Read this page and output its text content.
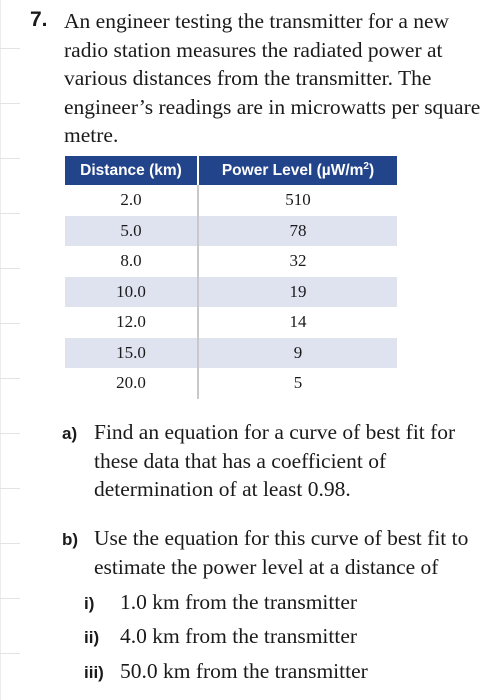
7. An engineer testing the transmitter for a new radio station measures the radiated power at various distances from the transmitter. The engineer’s readings are in microwatts per square metre.
Distance (km)	Power Level $(\mu W/m^2)$
2.0	510
5.0	78
8.0	32
10.0	19
12.0	14
15.0	9
20.0	5
a) Find an equation for a curve of best fit for these data that has a coefficient of determination of at least 0.98.
b) Use the equation for this curve of best fit to estimate the power level at a distance of
i) 1.0 km from the transmitter
ii) 4.0 km from the transmitter
iii) 50.0 km from the transmitter
